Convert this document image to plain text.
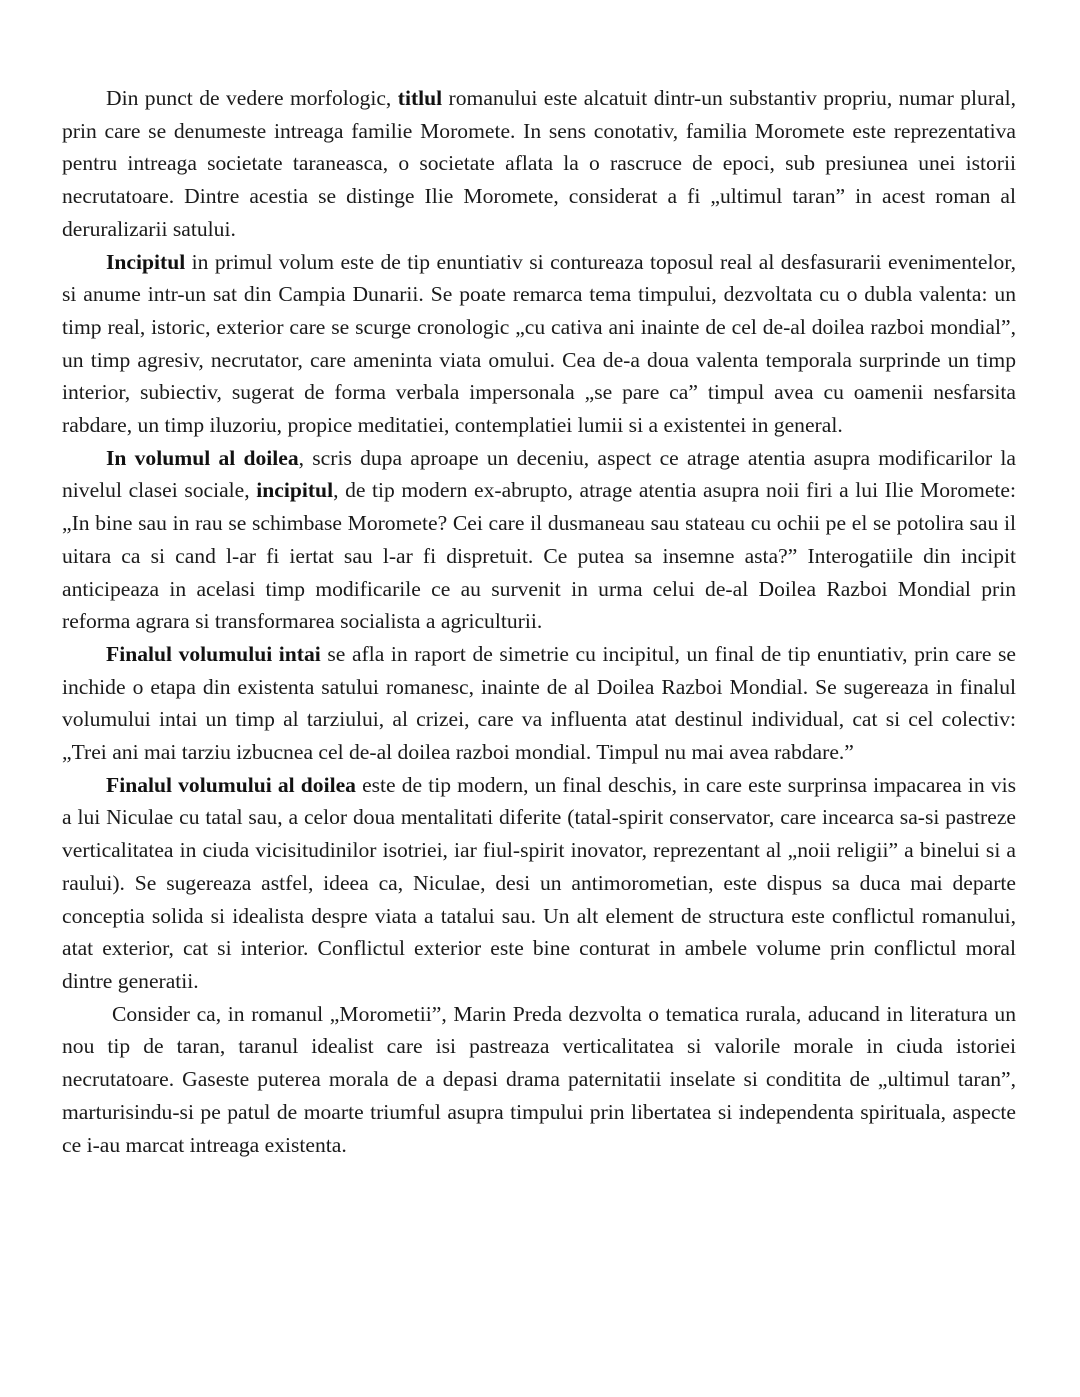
Din punct de vedere morfologic, titlul romanului este alcatuit dintr-un substantiv propriu, numar plural, prin care se denumeste intreaga familie Moromete. In sens conotativ, familia Moromete este reprezentativa pentru intreaga societate taraneasca, o societate aflata la o rascruce de epoci, sub presiunea unei istorii necrutatoare. Dintre acestia se distinge Ilie Moromete, considerat a fi „ultimul taran” in acest roman al deruralizarii satului.

Incipitul in primul volum este de tip enuntiativ si contureaza toposul real al desfasurarii evenimentelor, si anume intr-un sat din Campia Dunarii. Se poate remarca tema timpului, dezvoltata cu o dubla valenta: un timp real, istoric, exterior care se scurge cronologic „cu cativa ani inainte de cel de-al doilea razboi mondial”, un timp agresiv, necrutator, care ameninta viata omului. Cea de-a doua valenta temporala surprinde un timp interior, subiectiv, sugerat de forma verbala impersonala „se pare ca” timpul avea cu oamenii nesfarsita rabdare, un timp iluzoriu, propice meditatiei, contemplatiei lumii si a existentei in general.

In volumul al doilea, scris dupa aproape un deceniu, aspect ce atrage atentia asupra modificarilor la nivelul clasei sociale, incipitul, de tip modern ex-abrupto, atrage atentia asupra noii firi a lui Ilie Moromete: „In bine sau in rau se schimbase Moromete? Cei care il dusmaneau sau stateau cu ochii pe el se potolira sau il uitara ca si cand l-ar fi iertat sau l-ar fi dispretuit. Ce putea sa insemne asta?” Interogatiile din incipit anticipeaza in acelasi timp modificarile ce au survenit in urma celui de-al Doilea Razboi Mondial prin reforma agrara si transformarea socialista a agriculturii.

Finalul volumului intai se afla in raport de simetrie cu incipitul, un final de tip enuntiativ, prin care se inchide o etapa din existenta satului romanesc, inainte de al Doilea Razboi Mondial. Se sugereaza in finalul volumului intai un timp al tarziului, al crizei, care va influenta atat destinul individual, cat si cel colectiv: „Trei ani mai tarziu izbucnea cel de-al doilea razboi mondial. Timpul nu mai avea rabdare.”

Finalul volumului al doilea este de tip modern, un final deschis, in care este surprinsa impacarea in vis a lui Niculae cu tatal sau, a celor doua mentalitati diferite (tatal-spirit conservator, care incearca sa-si pastreze verticalitatea in ciuda vicisitudinilor isotriei, iar fiul-spirit inovator, reprezentant al „noii religii” a binelui si a raului). Se sugereaza astfel, ideea ca, Niculae, desi un antimorometian, este dispus sa duca mai departe conceptia solida si idealista despre viata a tatalui sau. Un alt element de structura este conflictul romanului, atat exterior, cat si interior. Conflictul exterior este bine conturat in ambele volume prin conflictul moral dintre generatii.

Consider ca, in romanul „Morometii”, Marin Preda dezvolta o tematica rurala, aducand in literatura un nou tip de taran, taranul idealist care isi pastreaza verticalitatea si valorile morale in ciuda istoriei necrutatoare. Gaseste puterea morala de a depasi drama paternitatii inselate si conditita de „ultimul taran”, marturisindu-si pe patul de moarte triumful asupra timpului prin libertatea si independenta spirituala, aspecte ce i-au marcat intreaga existenta.
